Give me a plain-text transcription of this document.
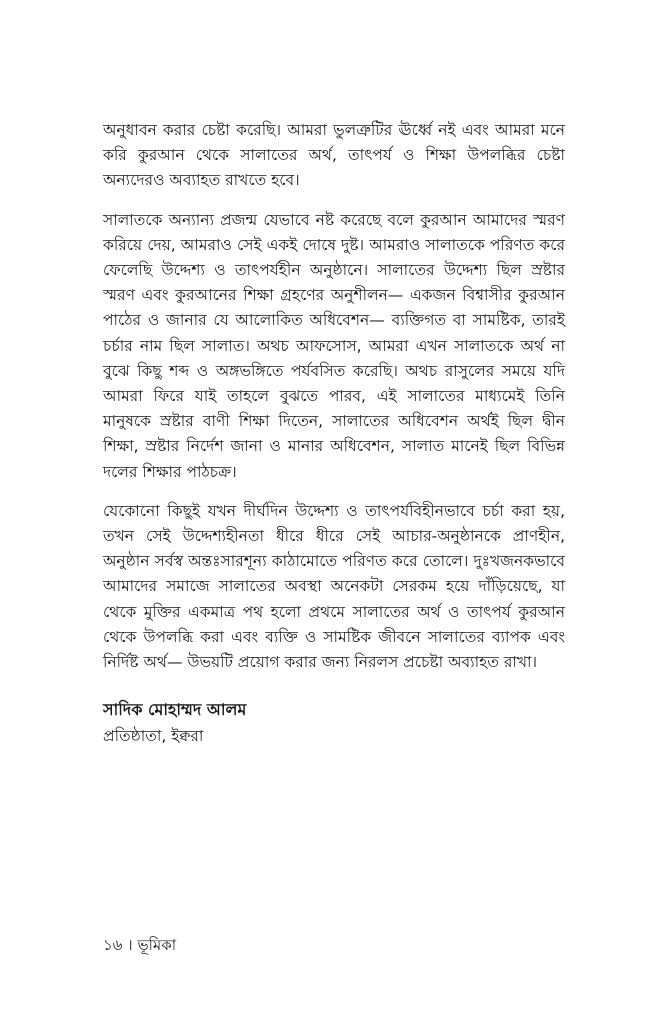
অনুধাবন করার চেষ্টা করেছি। আমরা ভুলত্রুটির ঊর্ধ্বে নই এবং আমরা মনে করি কুরআন থেকে সালাতের অর্থ, তাৎপর্য ও শিক্ষা উপলব্ধির চেষ্টা অন্যদেরও অব্যাহত রাখতে হবে।

সালাতকে অন্যান্য প্রজন্ম যেভাবে নষ্ট করেছে বলে কুরআন আমাদের স্মরণ করিয়ে দেয়, আমরাও সেই একই দোষে দুষ্ট। আমরাও সালাতকে পরিণত করে ফেলেছি উদ্দেশ্য ও তাৎপর্যহীন অনুষ্ঠানে। সালাতের উদ্দেশ্য ছিল স্রষ্টার স্মরণ এবং কুরআনের শিক্ষা গ্রহণের অনুশীলন— একজন বিশ্বাসীর কুরআন পাঠের ও জানার যে আলোকিত অধিবেশন— ব্যক্তিগত বা সামষ্টিক, তারই চর্চার নাম ছিল সালাত। অথচ আফসোস, আমরা এখন সালাতকে অর্থ না বুঝে কিছু শব্দ ও অঙ্গভঙ্গিতে পর্যবসিত করেছি। অথচ রাসুলের সময়ে যদি আমরা ফিরে যাই তাহলে বুঝতে পারব, এই সালাতের মাধ্যমেই তিনি মানুষকে স্রষ্টার বাণী শিক্ষা দিতেন, সালাতের অধিবেশন অর্থই ছিল দ্বীন শিক্ষা, স্রষ্টার নির্দেশ জানা ও মানার অধিবেশন, সালাত মানেই ছিল বিভিন্ন দলের শিক্ষার পাঠচক্র।

যেকোনো কিছুই যখন দীর্ঘদিন উদ্দেশ্য ও তাৎপর্যবিহীনভাবে চর্চা করা হয়, তখন সেই উদ্দেশ্যহীনতা ধীরে ধীরে সেই আচার-অনুষ্ঠানকে প্রাণহীন, অনুষ্ঠান সর্বস্ব অন্তঃসারশূন্য কাঠামোতে পরিণত করে তোলে। দুঃখজনকভাবে আমাদের সমাজে সালাতের অবস্থা অনেকটা সেরকম হয়ে দাঁড়িয়েছে, যা থেকে মুক্তির একমাত্র পথ হলো প্রথমে সালাতের অর্থ ও তাৎপর্য কুরআন থেকে উপলব্ধি করা এবং ব্যক্তি ও সামষ্টিক জীবনে সালাতের ব্যাপক এবং নির্দিষ্ট অর্থ— উভয়টি প্রয়োগ করার জন্য নিরলস প্রচেষ্টা অব্যাহত রাখা।

সাদিক মোহাম্মদ আলম
প্রতিষ্ঠাতা, ইক্বরা
১৬ । ভূমিকা
